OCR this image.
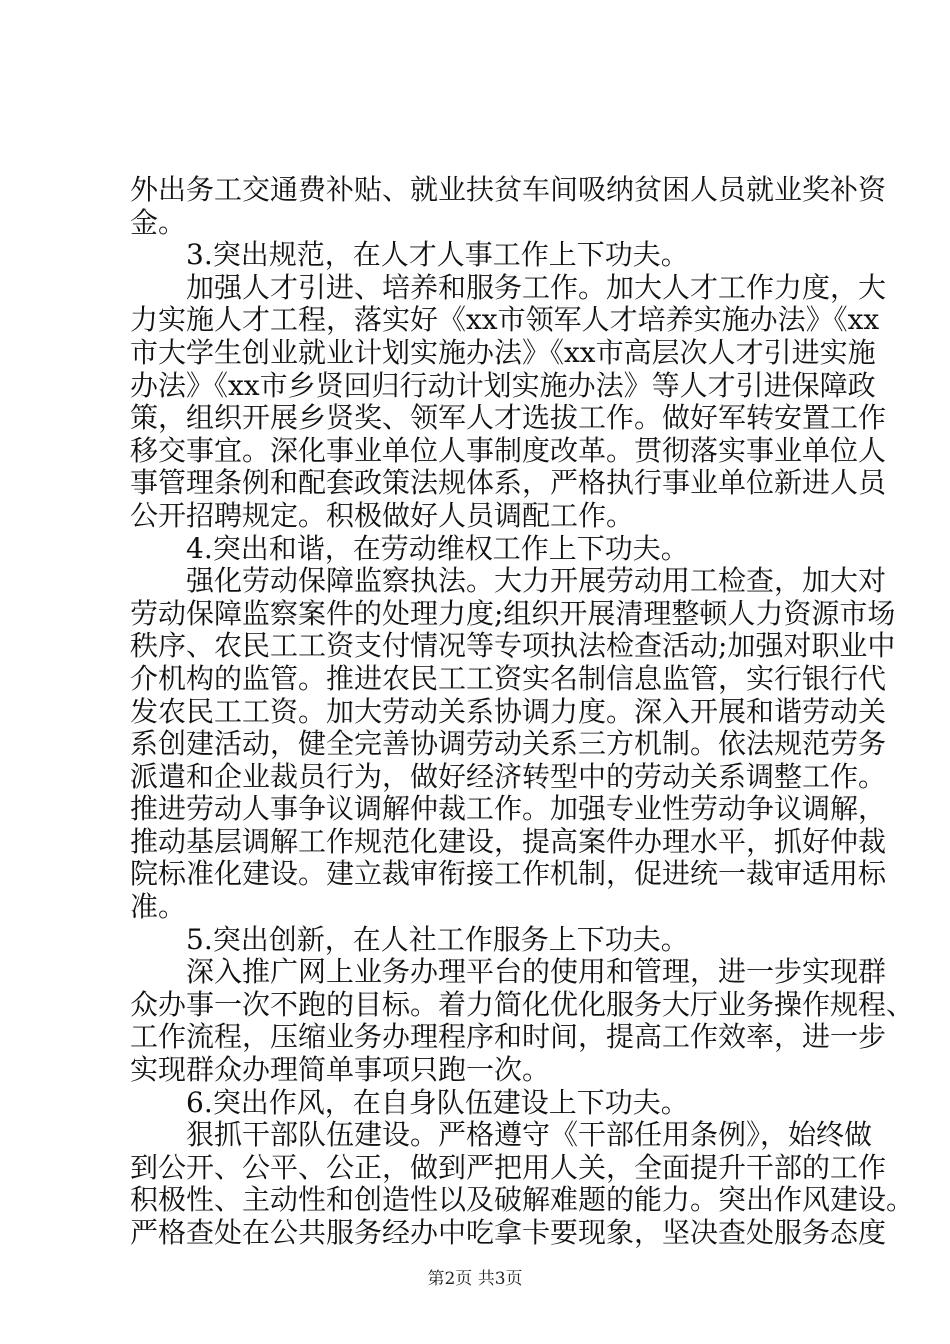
外出务工交通费补贴、就业扶贫车间吸纳贫困人员就业奖补资
金。
　　3.突出规范，在人才人事工作上下功夫。
　　加强人才引进、培养和服务工作。加大人才工作力度，大
力实施人才工程，落实好《xx市领军人才培养实施办法》《xx
市大学生创业就业计划实施办法》《xx市高层次人才引进实施
办法》《xx市乡贤回归行动计划实施办法》等人才引进保障政
策，组织开展乡贤奖、领军人才选拔工作。做好军转安置工作
移交事宜。深化事业单位人事制度改革。贯彻落实事业单位人
事管理条例和配套政策法规体系，严格执行事业单位新进人员
公开招聘规定。积极做好人员调配工作。
　　4.突出和谐，在劳动维权工作上下功夫。
　　强化劳动保障监察执法。大力开展劳动用工检查，加大对
劳动保障监察案件的处理力度;组织开展清理整顿人力资源市场
秩序、农民工工资支付情况等专项执法检查活动;加强对职业中
介机构的监管。推进农民工工资实名制信息监管，实行银行代
发农民工工资。加大劳动关系协调力度。深入开展和谐劳动关
系创建活动，健全完善协调劳动关系三方机制。依法规范劳务
派遣和企业裁员行为，做好经济转型中的劳动关系调整工作。
推进劳动人事争议调解仲裁工作。加强专业性劳动争议调解，
推动基层调解工作规范化建设，提高案件办理水平，抓好仲裁
院标准化建设。建立裁审衔接工作机制，促进统一裁审适用标
准。
　　5.突出创新，在人社工作服务上下功夫。
　　深入推广网上业务办理平台的使用和管理，进一步实现群
众办事一次不跑的目标。着力简化优化服务大厅业务操作规程、
工作流程，压缩业务办理程序和时间，提高工作效率，进一步
实现群众办理简单事项只跑一次。
　　6.突出作风，在自身队伍建设上下功夫。
　　狠抓干部队伍建设。严格遵守《干部任用条例》，始终做
到公开、公平、公正，做到严把用人关，全面提升干部的工作
积极性、主动性和创造性以及破解难题的能力。突出作风建设。
严格查处在公共服务经办中吃拿卡要现象，坚决查处服务态度
第2页 共3页
